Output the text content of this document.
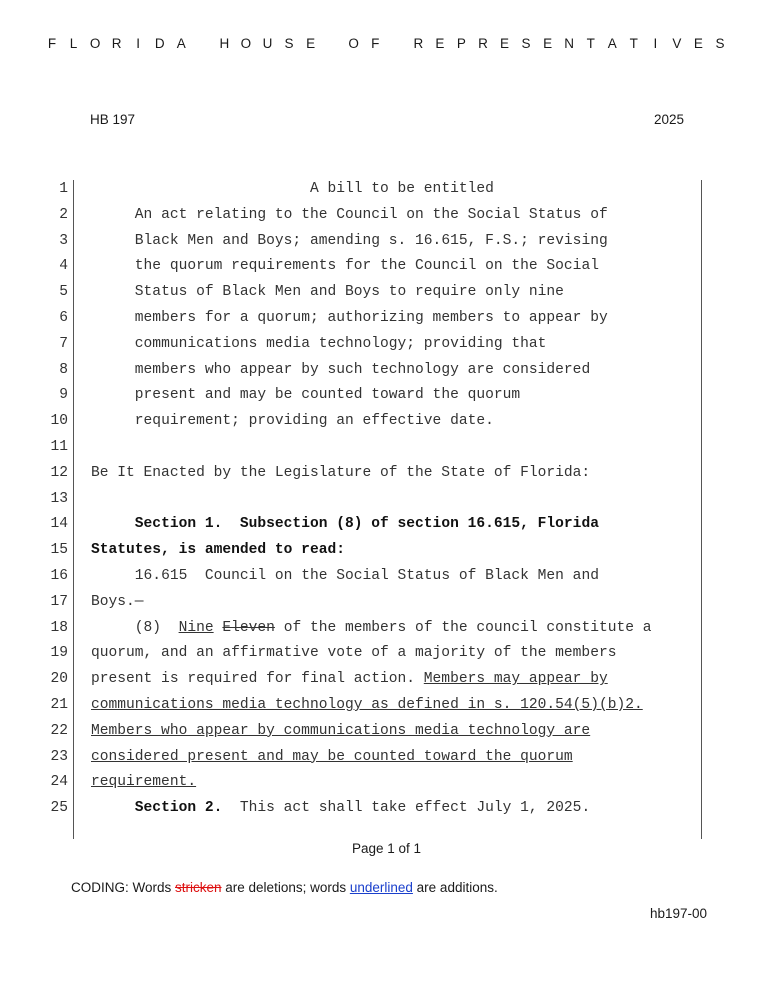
F	L O R	I	D A	H O U S E	O F	R E P R E S E N T A T	I	V E S
HB 197	2025
1	A bill to be entitled
2	An act relating to the Council on the Social Status of
3	Black Men and Boys; amending s. 16.615, F.S.; revising
4	the quorum requirements for the Council on the Social
5	Status of Black Men and Boys to require only nine
6	members for a quorum; authorizing members to appear by
7	communications media technology; providing that
8	members who appear by such technology are considered
9	present and may be counted toward the quorum
10	requirement; providing an effective date.
11
12 Be It Enacted by the Legislature of the State of Florida:
13
14	Section 1.  Subsection (8) of section 16.615, Florida
15 Statutes, is amended to read:
16	16.615  Council on the Social Status of Black Men and
17 Boys.—
18	(8)  Nine Eleven of the members of the council constitute a
19 quorum, and an affirmative vote of a majority of the members
20 present is required for final action. Members may appear by
21 communications media technology as defined in s. 120.54(5)(b)2.
22 Members who appear by communications media technology are
23 considered present and may be counted toward the quorum
24 requirement.
25	Section 2.  This act shall take effect July 1, 2025.
Page 1 of 1
CODING: Words stricken are deletions; words underlined are additions.
hb197-00
